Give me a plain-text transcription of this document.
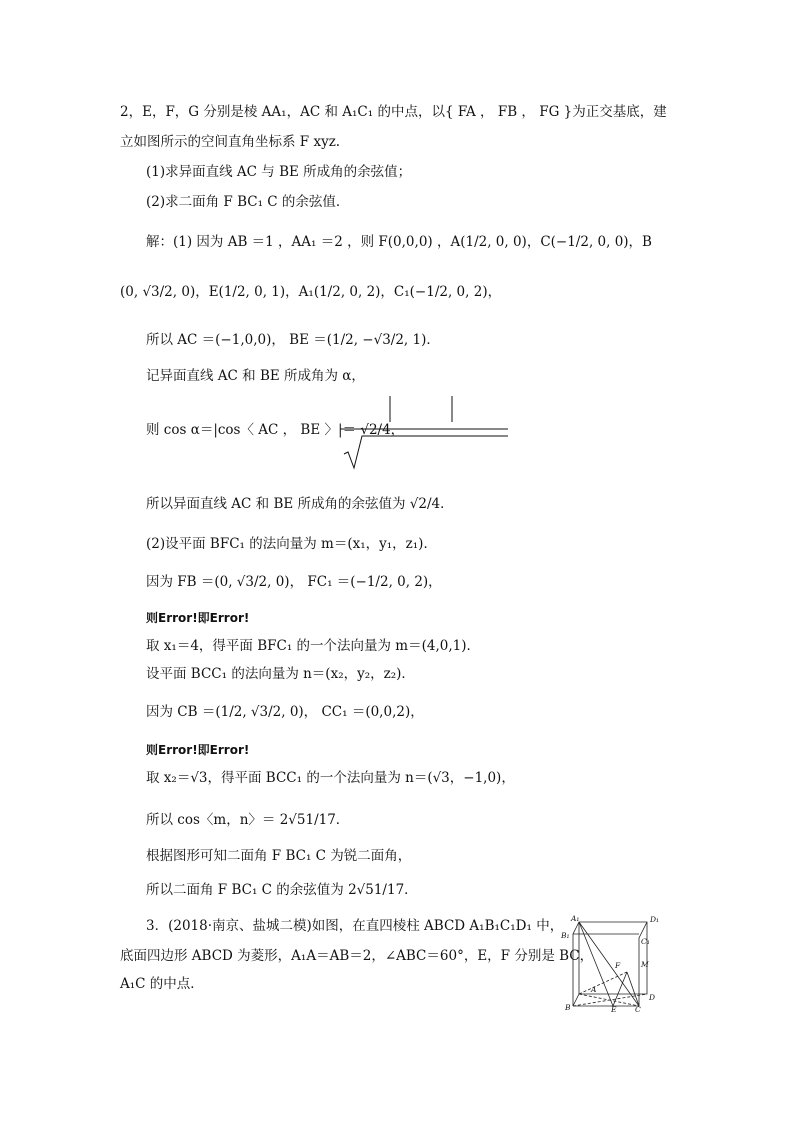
2，E，F，G 分别是棱 AA₁，AC 和 A₁C₁ 的中点，以{ FA ， FB ， FG }为正交基底，建
立如图所示的空间直角坐标系 F xyz.
(1)求异面直线 AC 与 BE 所成角的余弦值；
(2)求二面角 F BC₁ C 的余弦值．
解：(1) 因为 AB ＝1 ，AA₁ ＝2 ，则 F(0,0,0) ，A(1/2, 0, 0)，C(−1/2, 0, 0)，B
(0, √3/2, 0)，E(1/2, 0, 1)，A₁(1/2, 0, 2)，C₁(−1/2, 0, 2)，
所以 AC ＝(−1,0,0)， BE ＝(1/2, −√3/2, 1)．
记异面直线 AC 和 BE 所成角为 α，
则 cos α＝|cos〈 AC ， BE 〉|＝ √2/4，
所以异面直线 AC 和 BE 所成角的余弦值为 √2/4．
(2)设平面 BFC₁ 的法向量为 m＝(x₁，y₁，z₁)．
因为 FB ＝(0, √3/2, 0)， FC₁ ＝(−1/2, 0, 2)，
则Error!即Error!
取 x₁＝4，得平面 BFC₁ 的一个法向量为 m＝(4,0,1)．
设平面 BCC₁ 的法向量为 n＝(x₂，y₂，z₂)．
因为 CB ＝(1/2, √3/2, 0)， CC₁ ＝(0,0,2)，
则Error!即Error!
取 x₂＝√3，得平面 BCC₁ 的一个法向量为 n＝(√3，−1,0)，
所以 cos〈m，n〉＝ 2√51/17．
根据图形可知二面角 F BC₁ C 为锐二面角，
所以二面角 F BC₁ C 的余弦值为 2√51/17．
3．(2018·南京、盐城二模)如图，在直四棱柱 ABCD A₁B₁C₁D₁ 中，
底面四边形 ABCD 为菱形，A₁A＝AB＝2，∠ABC＝60°，E，F 分别是 BC，
A₁C 的中点．
A₁	D₁
B₁
C₁
F	M
A
D
B	E C
